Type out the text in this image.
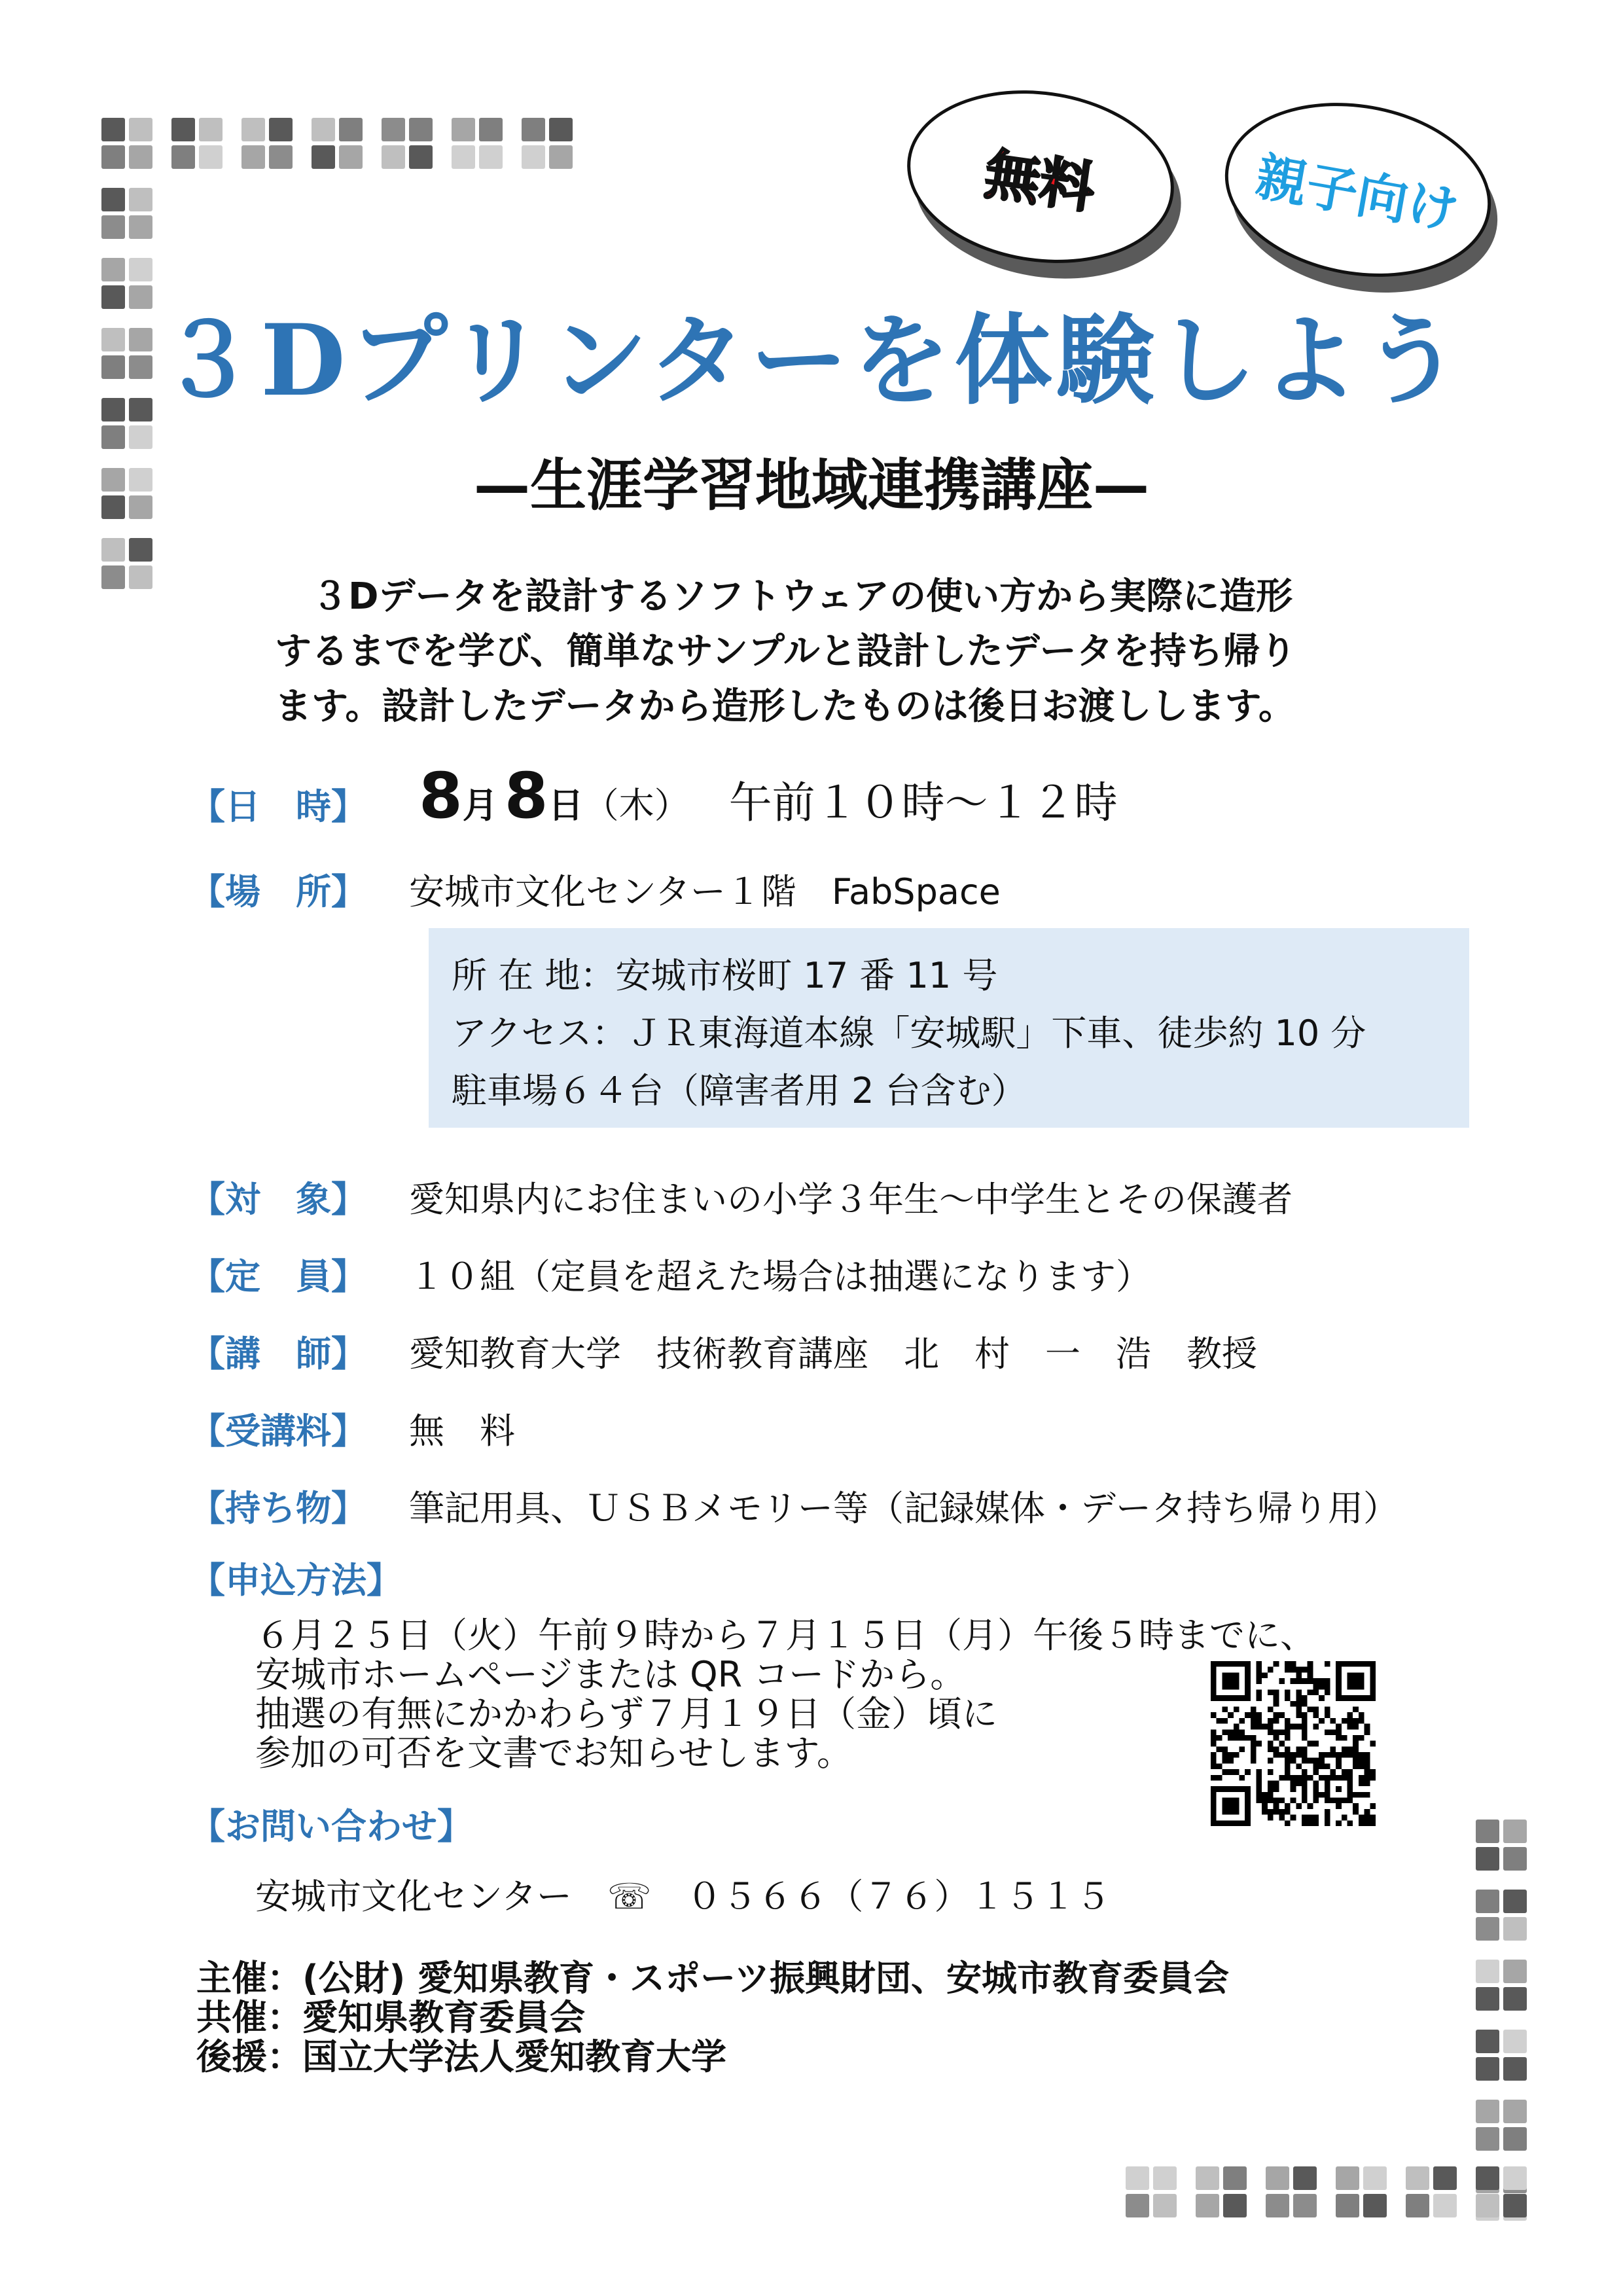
無料	親子向け
３Dプリンターを体験しよう
—生涯学習地域連携講座—
３Dデータを設計するソフトウェアの使い方から実際に造形
するまでを学び、簡単なサンプルと設計したデータを持ち帰り
ます。設計したデータから造形したものは後日お渡しします。
【日　時】 8月 8日（木） 午前１０時～１２時
【場　所】 安城市文化センター１階　FabSpace
所 在 地：安城市桜町 17 番 11 号
アクセス：ＪＲ東海道本線「安城駅」下車、徒歩約 10 分
駐車場６４台（障害者用 2 台含む）
【対　象】 愛知県内にお住まいの小学３年生～中学生とその保護者
【定　員】 １０組（定員を超えた場合は抽選になります）
【講　師】 愛知教育大学　技術教育講座　北　村　一　浩　教授
【受講料】 無　料
【持ち物】 筆記用具、ＵＳＢメモリー等（記録媒体・データ持ち帰り用）
【申込方法】
６月２５日（火）午前９時から７月１５日（月）午後５時までに、
安城市ホームページまたは QR コードから。
抽選の有無にかかわらず７月１９日（金）頃に
参加の可否を文書でお知らせします。
【お問い合わせ】
安城市文化センター　☏　０５６６（７６）１５１５
主催：(公財) 愛知県教育・スポーツ振興財団、安城市教育委員会
共催：愛知県教育委員会
後援：国立大学法人愛知教育大学
